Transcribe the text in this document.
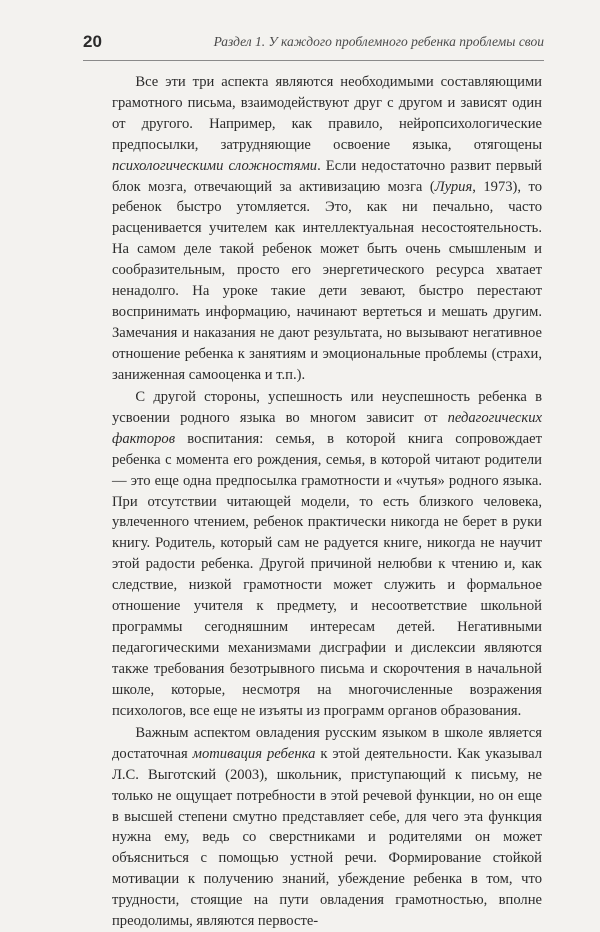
20	Раздел 1. У каждого проблемного ребенка проблемы свои

Все эти три аспекта являются необходимыми составляющими грамотного письма, взаимодействуют друг с другом и зависят один от другого. Например, как правило, нейропсихологические предпосылки, затрудняющие освоение языка, отягощены психологическими сложностями. Если недостаточно развит первый блок мозга, отвечающий за активизацию мозга (Лурия, 1973), то ребенок быстро утомляется. Это, как ни печально, часто расценивается учителем как интеллектуальная несостоятельность. На самом деле такой ребенок может быть очень смышленым и сообразительным, просто его энергетического ресурса хватает ненадолго. На уроке такие дети зевают, быстро перестают воспринимать информацию, начинают вертеться и мешать другим. Замечания и наказания не дают результата, но вызывают негативное отношение ребенка к занятиям и эмоциональные проблемы (страхи, заниженная самооценка и т.п.).

С другой стороны, успешность или неуспешность ребенка в усвоении родного языка во многом зависит от педагогических факторов воспитания: семья, в которой книга сопровождает ребенка с момента его рождения, семья, в которой читают родители — это еще одна предпосылка грамотности и «чутья» родного языка. При отсутствии читающей модели, то есть близкого человека, увлеченного чтением, ребенок практически никогда не берет в руки книгу. Родитель, который сам не радуется книге, никогда не научит этой радости ребенка. Другой причиной нелюбви к чтению и, как следствие, низкой грамотности может служить и формальное отношение учителя к предмету, и несоответствие школьной программы сегодняшним интересам детей. Негативными педагогическими механизмами дисграфии и дислексии являются также требования безотрывного письма и скорочтения в начальной школе, которые, несмотря на многочисленные возражения психологов, все еще не изъяты из программ органов образования.

Важным аспектом овладения русским языком в школе является достаточная мотивация ребенка к этой деятельности. Как указывал Л.С. Выготский (2003), школьник, приступающий к письму, не только не ощущает потребности в этой речевой функции, но он еще в высшей степени смутно представляет себе, для чего эта функция нужна ему, ведь со сверстниками и родителями он может объясниться с помощью устной речи. Формирование стойкой мотивации к получению знаний, убеждение ребенка в том, что трудности, стоящие на пути овладения грамотностью, вполне преодолимы, являются первосте-
